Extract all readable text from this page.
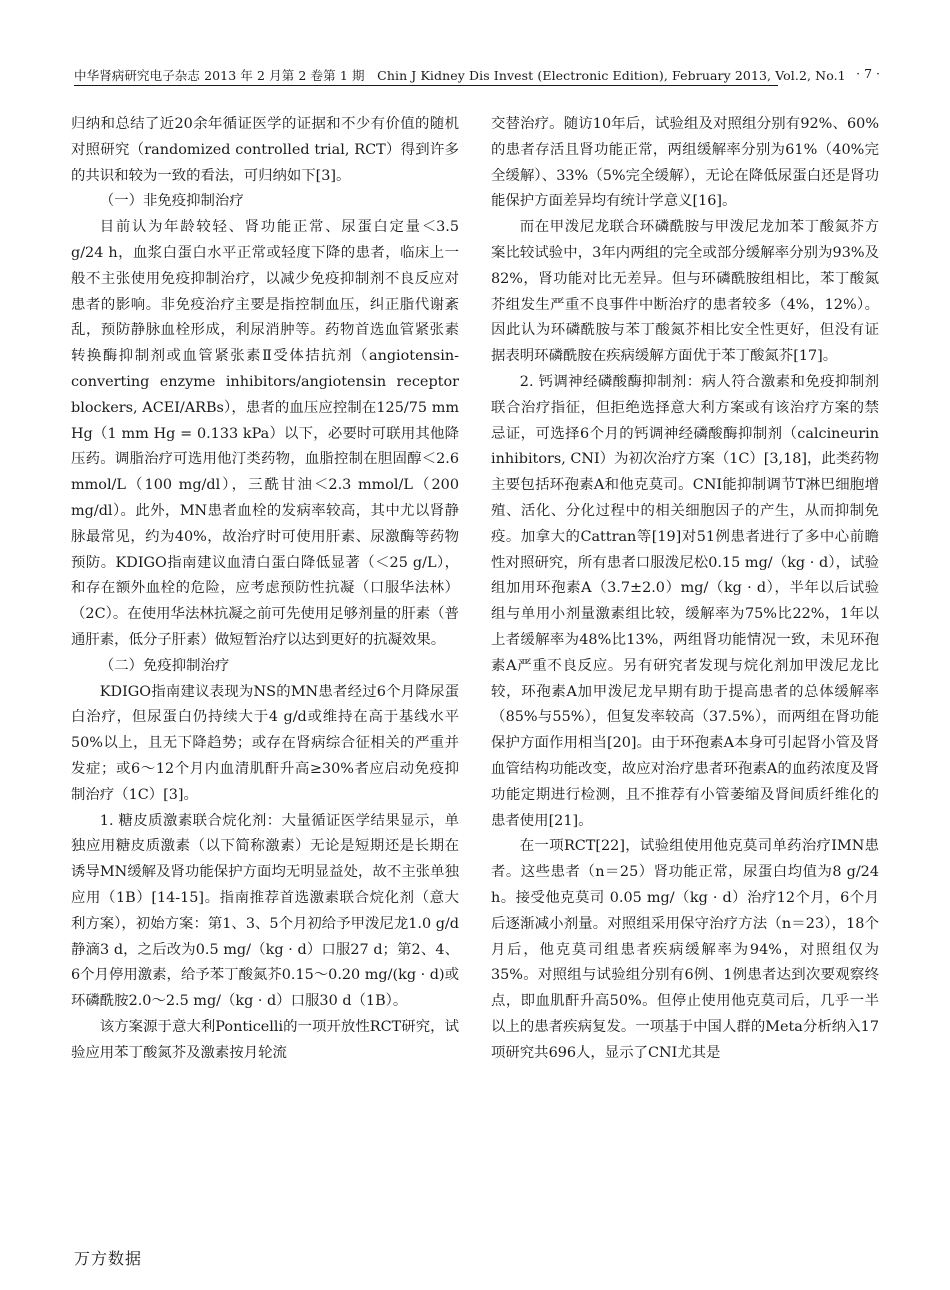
中华肾病研究电子杂志 2013 年 2 月第 2 卷第 1 期　Chin J Kidney Dis Invest (Electronic Edition), February 2013, Vol.2, No.1 · 7 ·

归纳和总结了近20余年循证医学的证据和不少有价值的随机对照研究（randomized controlled trial, RCT）得到许多的共识和较为一致的看法，可归纳如下[3]。

（一）非免疫抑制治疗

目前认为年龄较轻、肾功能正常、尿蛋白定量＜3.5 g/24 h，血浆白蛋白水平正常或轻度下降的患者，临床上一般不主张使用免疫抑制治疗，以减少免疫抑制剂不良反应对患者的影响。非免疫治疗主要是指控制血压，纠正脂代谢紊乱，预防静脉血栓形成，利尿消肿等。药物首选血管紧张素转换酶抑制剂或血管紧张素Ⅱ受体拮抗剂（angiotensin-converting enzyme inhibitors/angiotensin receptor blockers, ACEI/ARBs），患者的血压应控制在125/75 mm Hg（1 mm Hg = 0.133 kPa）以下，必要时可联用其他降压药。调脂治疗可选用他汀类药物，血脂控制在胆固醇＜2.6 mmol/L（100 mg/dl），三酰甘油＜2.3 mmol/L（200 mg/dl）。此外，MN患者血栓的发病率较高，其中尤以肾静脉最常见，约为40%，故治疗时可使用肝素、尿激酶等药物预防。KDIGO指南建议血清白蛋白降低显著（＜25 g/L），和存在额外血栓的危险，应考虑预防性抗凝（口服华法林）（2C）。在使用华法林抗凝之前可先使用足够剂量的肝素（普通肝素，低分子肝素）做短暂治疗以达到更好的抗凝效果。

（二）免疫抑制治疗

KDIGO指南建议表现为NS的MN患者经过6个月降尿蛋白治疗，但尿蛋白仍持续大于4 g/d或维持在高于基线水平50%以上，且无下降趋势；或存在肾病综合征相关的严重并发症；或6～12个月内血清肌酐升高≥30%者应启动免疫抑制治疗（1C）[3]。

1. 糖皮质激素联合烷化剂：大量循证医学结果显示，单独应用糖皮质激素（以下简称激素）无论是短期还是长期在诱导MN缓解及肾功能保护方面均无明显益处，故不主张单独应用（1B）[14-15]。指南推荐首选激素联合烷化剂（意大利方案），初始方案：第1、3、5个月初给予甲泼尼龙1.0 g/d静滴3 d，之后改为0.5 mg/（kg · d）口服27 d；第2、4、6个月停用激素，给予苯丁酸氮芥0.15～0.20 mg/(kg · d)或环磷酰胺2.0～2.5 mg/（kg · d）口服30 d（1B）。

该方案源于意大利Ponticelli的一项开放性RCT研究，试验应用苯丁酸氮芥及激素按月轮流

交替治疗。随访10年后，试验组及对照组分别有92%、60%的患者存活且肾功能正常，两组缓解率分别为61%（40%完全缓解）、33%（5%完全缓解），无论在降低尿蛋白还是肾功能保护方面差异均有统计学意义[16]。

而在甲泼尼龙联合环磷酰胺与甲泼尼龙加苯丁酸氮芥方案比较试验中，3年内两组的完全或部分缓解率分别为93%及82%，肾功能对比无差异。但与环磷酰胺组相比，苯丁酸氮芥组发生严重不良事件中断治疗的患者较多（4%，12%）。因此认为环磷酰胺与苯丁酸氮芥相比安全性更好，但没有证据表明环磷酰胺在疾病缓解方面优于苯丁酸氮芥[17]。

2. 钙调神经磷酸酶抑制剂：病人符合激素和免疫抑制剂联合治疗指征，但拒绝选择意大利方案或有该治疗方案的禁忌证，可选择6个月的钙调神经磷酸酶抑制剂（calcineurin inhibitors, CNI）为初次治疗方案（1C）[3,18]，此类药物主要包括环孢素A和他克莫司。CNI能抑制调节T淋巴细胞增殖、活化、分化过程中的相关细胞因子的产生，从而抑制免疫。加拿大的Cattran等[19]对51例患者进行了多中心前瞻性对照研究，所有患者口服泼尼松0.15 mg/（kg · d），试验组加用环孢素A（3.7±2.0）mg/（kg · d），半年以后试验组与单用小剂量激素组比较，缓解率为75%比22%，1年以上者缓解率为48%比13%，两组肾功能情况一致，未见环孢素A严重不良反应。另有研究者发现与烷化剂加甲泼尼龙比较，环孢素A加甲泼尼龙早期有助于提高患者的总体缓解率（85%与55%），但复发率较高（37.5%），而两组在肾功能保护方面作用相当[20]。由于环孢素A本身可引起肾小管及肾血管结构功能改变，故应对治疗患者环孢素A的血药浓度及肾功能定期进行检测，且不推荐有小管萎缩及肾间质纤维化的患者使用[21]。

在一项RCT[22]，试验组使用他克莫司单药治疗IMN患者。这些患者（n＝25）肾功能正常，尿蛋白均值为8 g/24 h。接受他克莫司 0.05 mg/（kg · d）治疗12个月，6个月后逐渐减小剂量。对照组采用保守治疗方法（n＝23），18个月后，他克莫司组患者疾病缓解率为94%，对照组仅为35%。对照组与试验组分别有6例、1例患者达到次要观察终点，即血肌酐升高50%。但停止使用他克莫司后，几乎一半以上的患者疾病复发。一项基于中国人群的Meta分析纳入17项研究共696人，显示了CNI尤其是

万方数据
